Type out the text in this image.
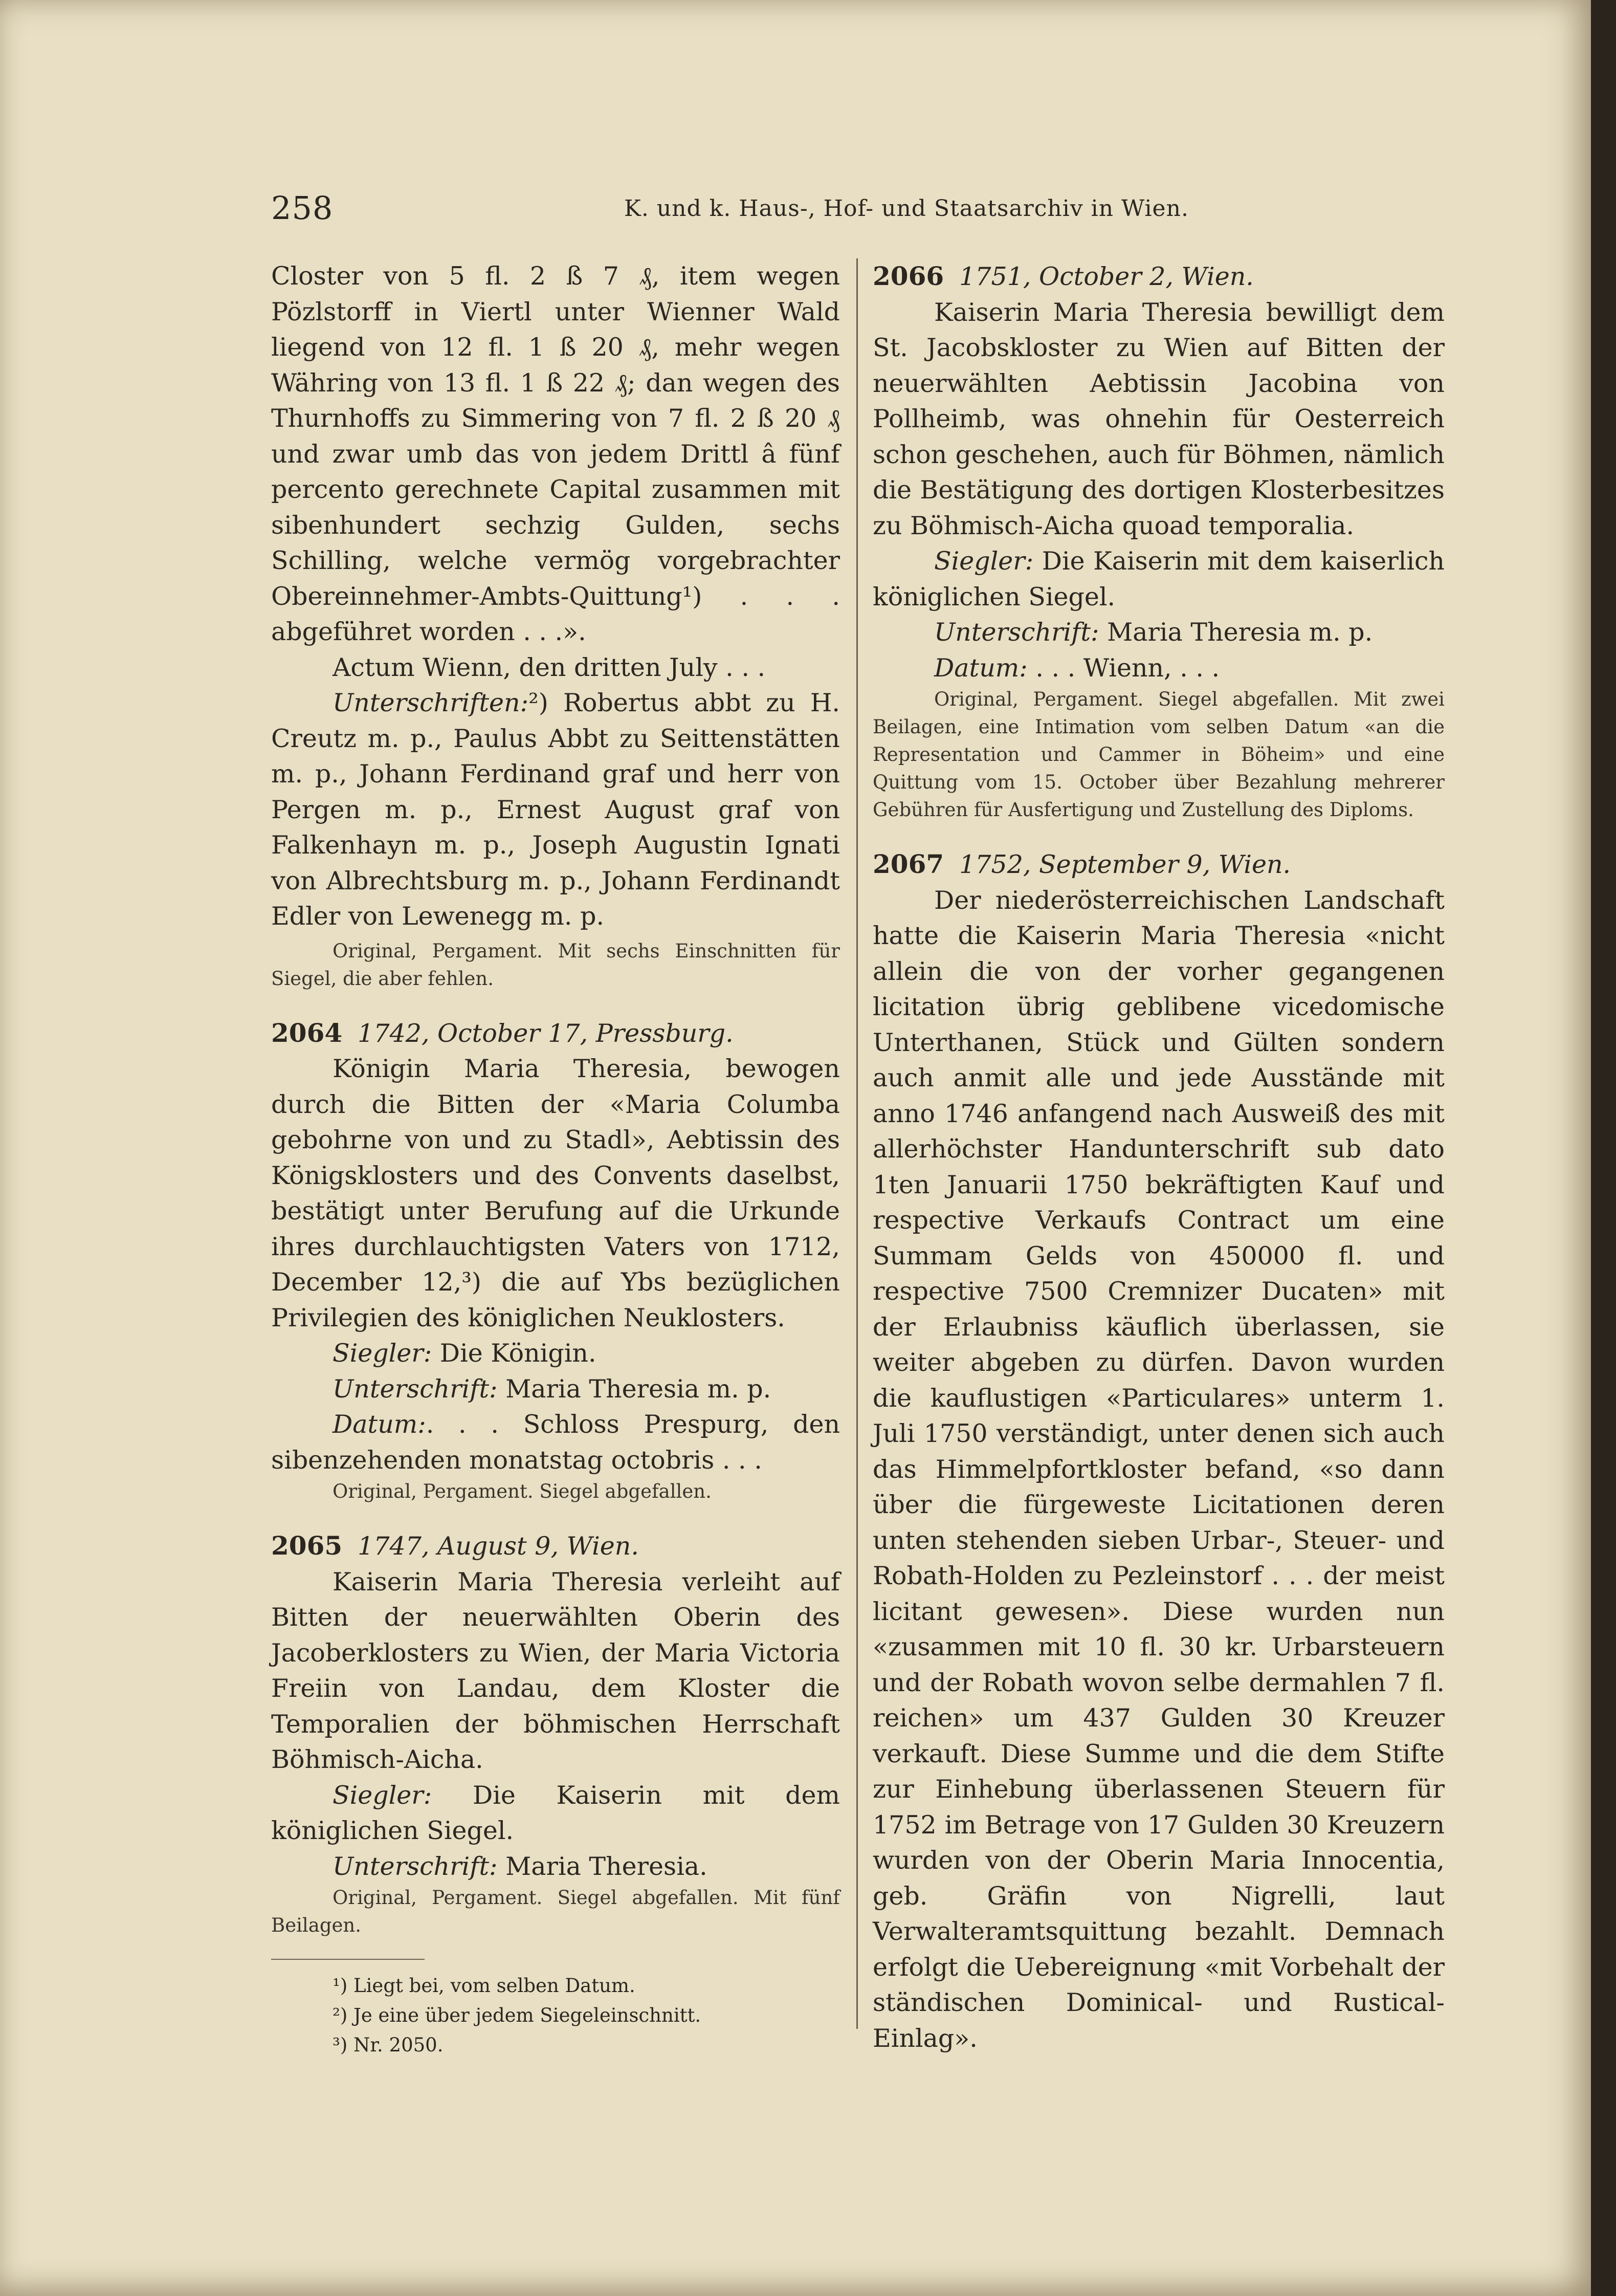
258	K. und k. Haus-, Hof- und Staatsarchiv in Wien.

Closter von 5 fl. 2 ß 7 ₰, item wegen Pözlstorff in Viertl unter Wienner Wald liegend von 12 fl. 1 ß 20 ₰, mehr wegen Währing von 13 fl. 1 ß 22 ₰; dan wegen des Thurnhoffs zu Simmering von 7 fl. 2 ß 20 ₰ und zwar umb das von jedem Drittl â fünf percento gerechnete Capital zusammen mit sibenhundert sechzig Gulden, sechs Schilling, welche vermög vorgebrachter Obereinnehmer-Ambts-Quittung¹) . . . abgeführet worden . . .».

Actum Wienn, den dritten July . . .

Unterschriften:²) Robertus abbt zu H. Creutz m. p., Paulus Abbt zu Seittenstätten m. p., Johann Ferdinand graf und herr von Pergen m. p., Ernest August graf von Falkenhayn m. p., Joseph Augustin Ignati von Albrechtsburg m. p., Johann Ferdinandt Edler von Lewenegg m. p.

Original, Pergament. Mit sechs Einschnitten für Siegel, die aber fehlen.

2064 1742, October 17, Pressburg.

Königin Maria Theresia, bewogen durch die Bitten der «Maria Columba gebohrne von und zu Stadl», Aebtissin des Königsklosters und des Convents daselbst, bestätigt unter Berufung auf die Urkunde ihres durchlauchtigsten Vaters von 1712, December 12,³) die auf Ybs bezüglichen Privilegien des königlichen Neuklosters.

Siegler: Die Königin.

Unterschrift: Maria Theresia m. p.

Datum:. . . Schloss Prespurg, den sibenzehenden monatstag octobris . . .

Original, Pergament. Siegel abgefallen.

2065 1747, August 9, Wien.

Kaiserin Maria Theresia verleiht auf Bitten der neuerwählten Oberin des Jacoberklosters zu Wien, der Maria Victoria Freiin von Landau, dem Kloster die Temporalien der böhmischen Herrschaft Böhmisch-Aicha.

Siegler: Die Kaiserin mit dem königlichen Siegel.

Unterschrift: Maria Theresia.

Original, Pergament. Siegel abgefallen. Mit fünf Beilagen.

¹) Liegt bei, vom selben Datum.

²) Je eine über jedem Siegeleinschnitt.

³) Nr. 2050.

2066 1751, October 2, Wien.

Kaiserin Maria Theresia bewilligt dem St. Jacobskloster zu Wien auf Bitten der neuerwählten Aebtissin Jacobina von Pollheimb, was ohnehin für Oesterreich schon geschehen, auch für Böhmen, nämlich die Bestätigung des dortigen Klosterbesitzes zu Böhmisch-Aicha quoad temporalia.

Siegler: Die Kaiserin mit dem kaiserlich königlichen Siegel.

Unterschrift: Maria Theresia m. p.

Datum: . . . Wienn, . . .

Original, Pergament. Siegel abgefallen. Mit zwei Beilagen, eine Intimation vom selben Datum «an die Representation und Cammer in Böheim» und eine Quittung vom 15. October über Bezahlung mehrerer Gebühren für Ausfertigung und Zustellung des Diploms.

2067 1752, September 9, Wien.

Der niederösterreichischen Landschaft hatte die Kaiserin Maria Theresia «nicht allein die von der vorher gegangenen licitation übrig geblibene vicedomische Unterthanen, Stück und Gülten sondern auch anmit alle und jede Ausstände mit anno 1746 anfangend nach Ausweiß des mit allerhöchster Handunterschrift sub dato 1ten Januarii 1750 bekräftigten Kauf und respective Verkaufs Contract um eine Summam Gelds von 450000 fl. und respective 7500 Cremnizer Ducaten» mit der Erlaubniss käuflich überlassen, sie weiter abgeben zu dürfen. Davon wurden die kauflustigen «Particulares» unterm 1. Juli 1750 verständigt, unter denen sich auch das Himmelpfortkloster befand, «so dann über die fürgeweste Licitationen deren unten stehenden sieben Urbar-, Steuer- und Robath-Holden zu Pezleinstorf . . . der meist licitant gewesen». Diese wurden nun «zusammen mit 10 fl. 30 kr. Urbarsteuern und der Robath wovon selbe dermahlen 7 fl. reichen» um 437 Gulden 30 Kreuzer verkauft. Diese Summe und die dem Stifte zur Einhebung überlassenen Steuern für 1752 im Betrage von 17 Gulden 30 Kreuzern wurden von der Oberin Maria Innocentia, geb. Gräfin von Nigrelli, laut Verwalteramtsquittung bezahlt. Demnach erfolgt die Uebereignung «mit Vorbehalt der ständischen Dominical- und Rustical-Einlag».
